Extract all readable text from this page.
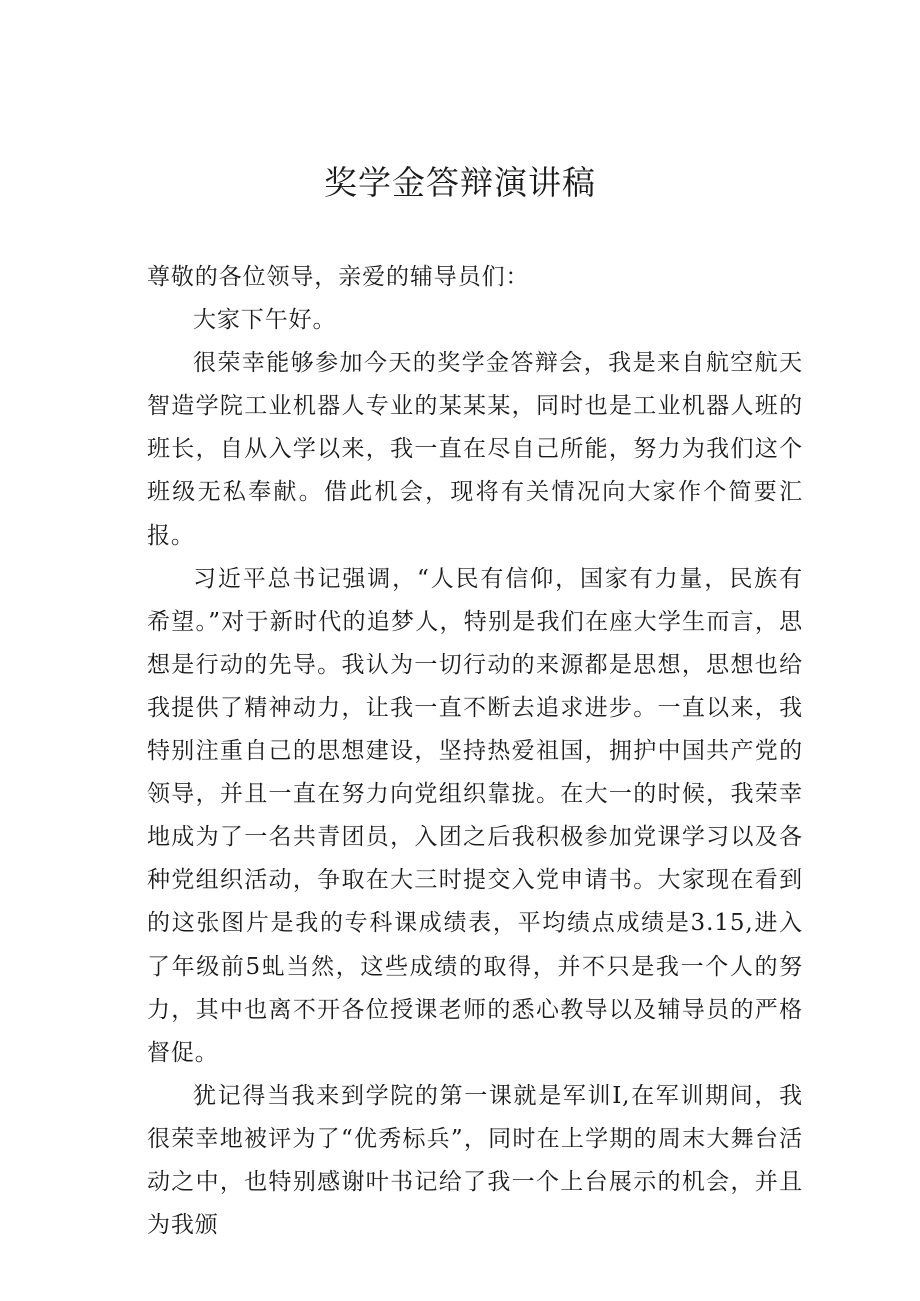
奖学金答辩演讲稿

尊敬的各位领导，亲爱的辅导员们：

大家下午好。

很荣幸能够参加今天的奖学金答辩会，我是来自航空航天智造学院工业机器人专业的某某某，同时也是工业机器人班的班长，自从入学以来，我一直在尽自己所能，努力为我们这个班级无私奉献。借此机会，现将有关情况向大家作个简要汇报。

习近平总书记强调，“人民有信仰，国家有力量，民族有希望。”对于新时代的追梦人，特别是我们在座大学生而言，思想是行动的先导。我认为一切行动的来源都是思想，思想也给我提供了精神动力，让我一直不断去追求进步。一直以来，我特别注重自己的思想建设，坚持热爱祖国，拥护中国共产党的领导，并且一直在努力向党组织靠拢。在大一的时候，我荣幸地成为了一名共青团员，入团之后我积极参加党课学习以及各种党组织活动，争取在大三时提交入党申请书。大家现在看到的这张图片是我的专科课成绩表，平均绩点成绩是3.15,进入了年级前5虬当然，这些成绩的取得，并不只是我一个人的努力，其中也离不开各位授课老师的悉心教导以及辅导员的严格督促。

犹记得当我来到学院的第一课就是军训I,在军训期间，我很荣幸地被评为了“优秀标兵”，同时在上学期的周末大舞台活动之中，也特别感谢叶书记给了我一个上台展示的机会，并且为我颁
